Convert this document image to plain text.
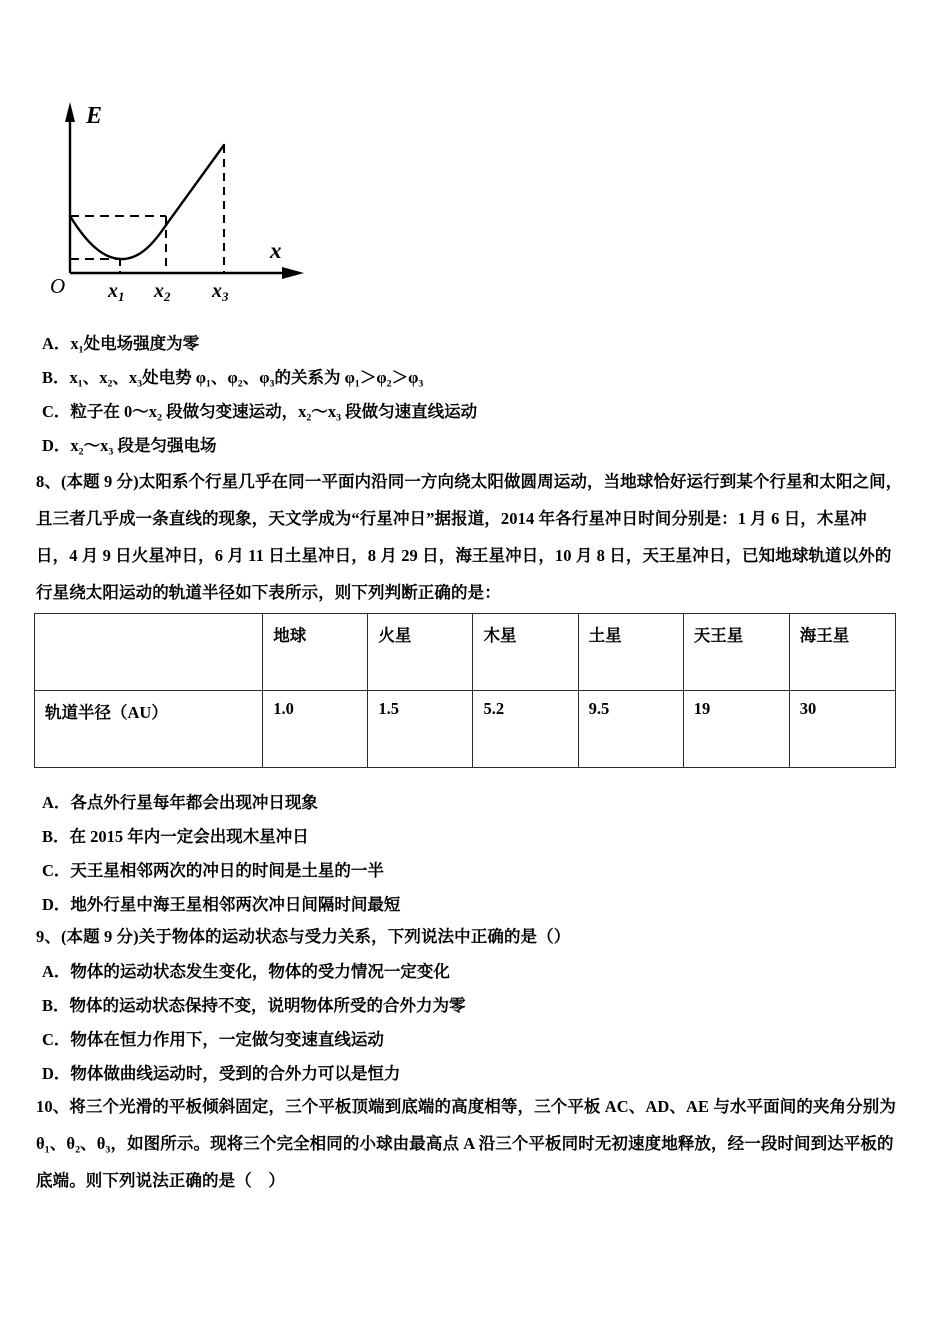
E
x
O $x_1$ $x_2$ $x_3$
A．x₁处电场强度为零
B．x₁、x₂、x₃处电势 φ₁、φ₂、φ₃的关系为 φ₁＞φ₂＞φ₃
C．粒子在 0～x₂ 段做匀变速运动，x₂～x₃ 段做匀速直线运动
D．x₂～x₃ 段是匀强电场
8、(本题 9 分)太阳系个行星几乎在同一平面内沿同一方向绕太阳做圆周运动，当地球恰好运行到某个行星和太阳之间，
且三者几乎成一条直线的现象，天文学成为“行星冲日”据报道，2014 年各行星冲日时间分别是：1 月 6 日，木星冲
日，4 月 9 日火星冲日，6 月 11 日土星冲日，8 月 29 日，海王星冲日，10 月 8 日，天王星冲日，已知地球轨道以外的
行星绕太阳运动的轨道半径如下表所示，则下列判断正确的是：
	地球	火星	木星	土星	天王星	海王星
轨道半径（AU）	1.0	1.5	5.2	9.5	19	30
A．各点外行星每年都会出现冲日现象
B．在 2015 年内一定会出现木星冲日
C．天王星相邻两次的冲日的时间是土星的一半
D．地外行星中海王星相邻两次冲日间隔时间最短
9、(本题 9 分)关于物体的运动状态与受力关系，下列说法中正确的是（）
A．物体的运动状态发生变化，物体的受力情况一定变化
B．物体的运动状态保持不变，说明物体所受的合外力为零
C．物体在恒力作用下，一定做匀变速直线运动
D．物体做曲线运动时，受到的合外力可以是恒力
10、将三个光滑的平板倾斜固定，三个平板顶端到底端的高度相等，三个平板 AC、AD、AE 与水平面间的夹角分别为
θ₁、θ₂、θ₃，如图所示。现将三个完全相同的小球由最高点 A 沿三个平板同时无初速度地释放，经一段时间到达平板的
底端。则下列说法正确的是（　）
